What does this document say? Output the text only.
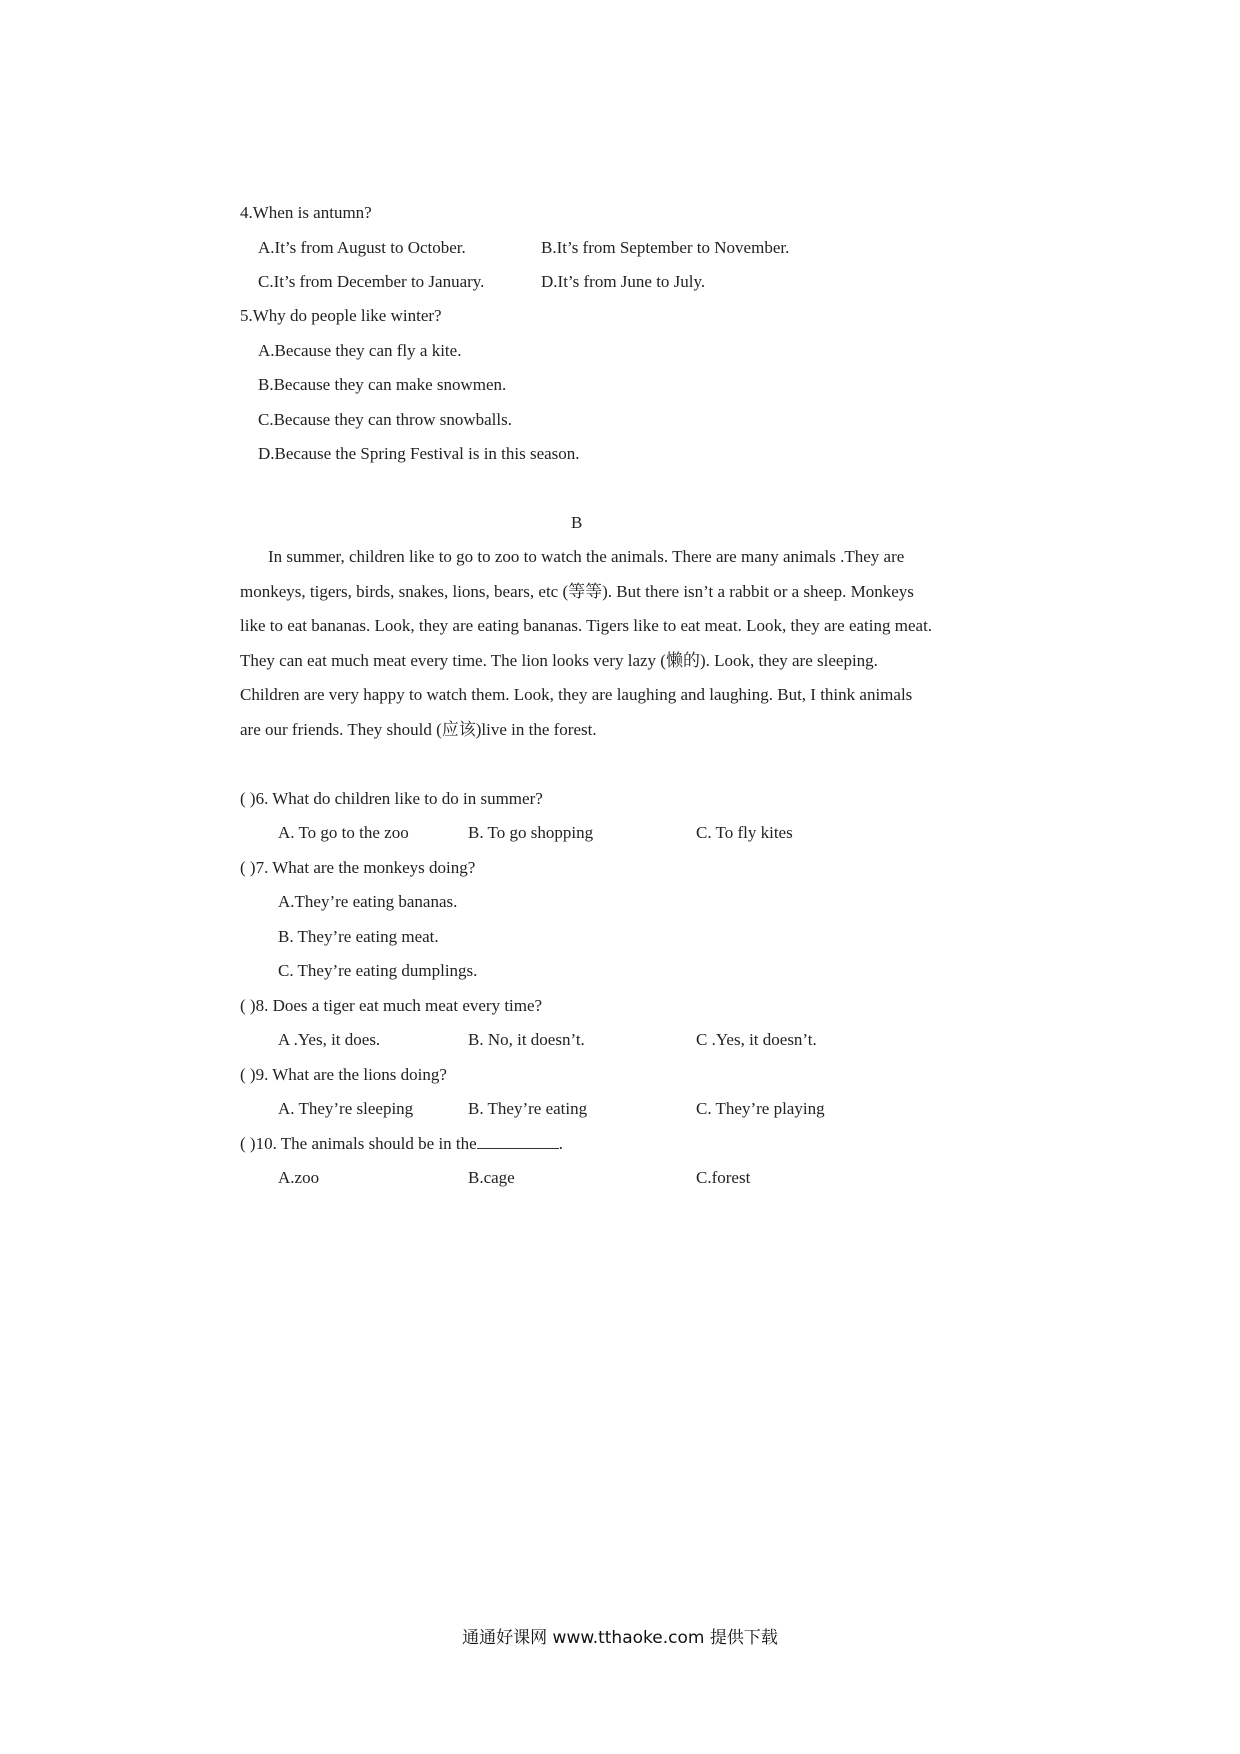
4.When is antumn?
A.It’s from August to October.	B.It’s from September to November.
C.It’s from December to January.	D.It’s from June to July.
5.Why do people like winter?
A.Because they can fly a kite.
B.Because they can make snowmen.
C.Because they can throw snowballs.
D.Because the Spring Festival is in this season.
B
In summer, children like to go to zoo to watch the animals. There are many animals .They are
monkeys, tigers, birds, snakes, lions, bears, etc (等等). But there isn’t a rabbit or a sheep. Monkeys
like to eat bananas. Look, they are eating bananas. Tigers like to eat meat. Look, they are eating meat.
They can eat much meat every time. The lion looks very lazy (懒的). Look, they are sleeping.
Children are very happy to watch them. Look, they are laughing and laughing. But, I think animals
are our friends. They should (应该)live in the forest.
( )6. What do children like to do in summer?
A. To go to the zoo	B. To go shopping	C. To fly kites
( )7. What are the monkeys doing?
A.They’re eating bananas.
B. They’re eating meat.
C. They’re eating dumplings.
( )8. Does a tiger eat much meat every time?
A .Yes, it does.	B. No, it doesn’t.	C .Yes, it doesn’t.
( )9. What are the lions doing?
A. They’re sleeping	B. They’re eating	C. They’re playing
( )10. The animals should be in the	.
A.zoo	B.cage	C.forest
通通好课网 www.tthaoke.com 提供下载
